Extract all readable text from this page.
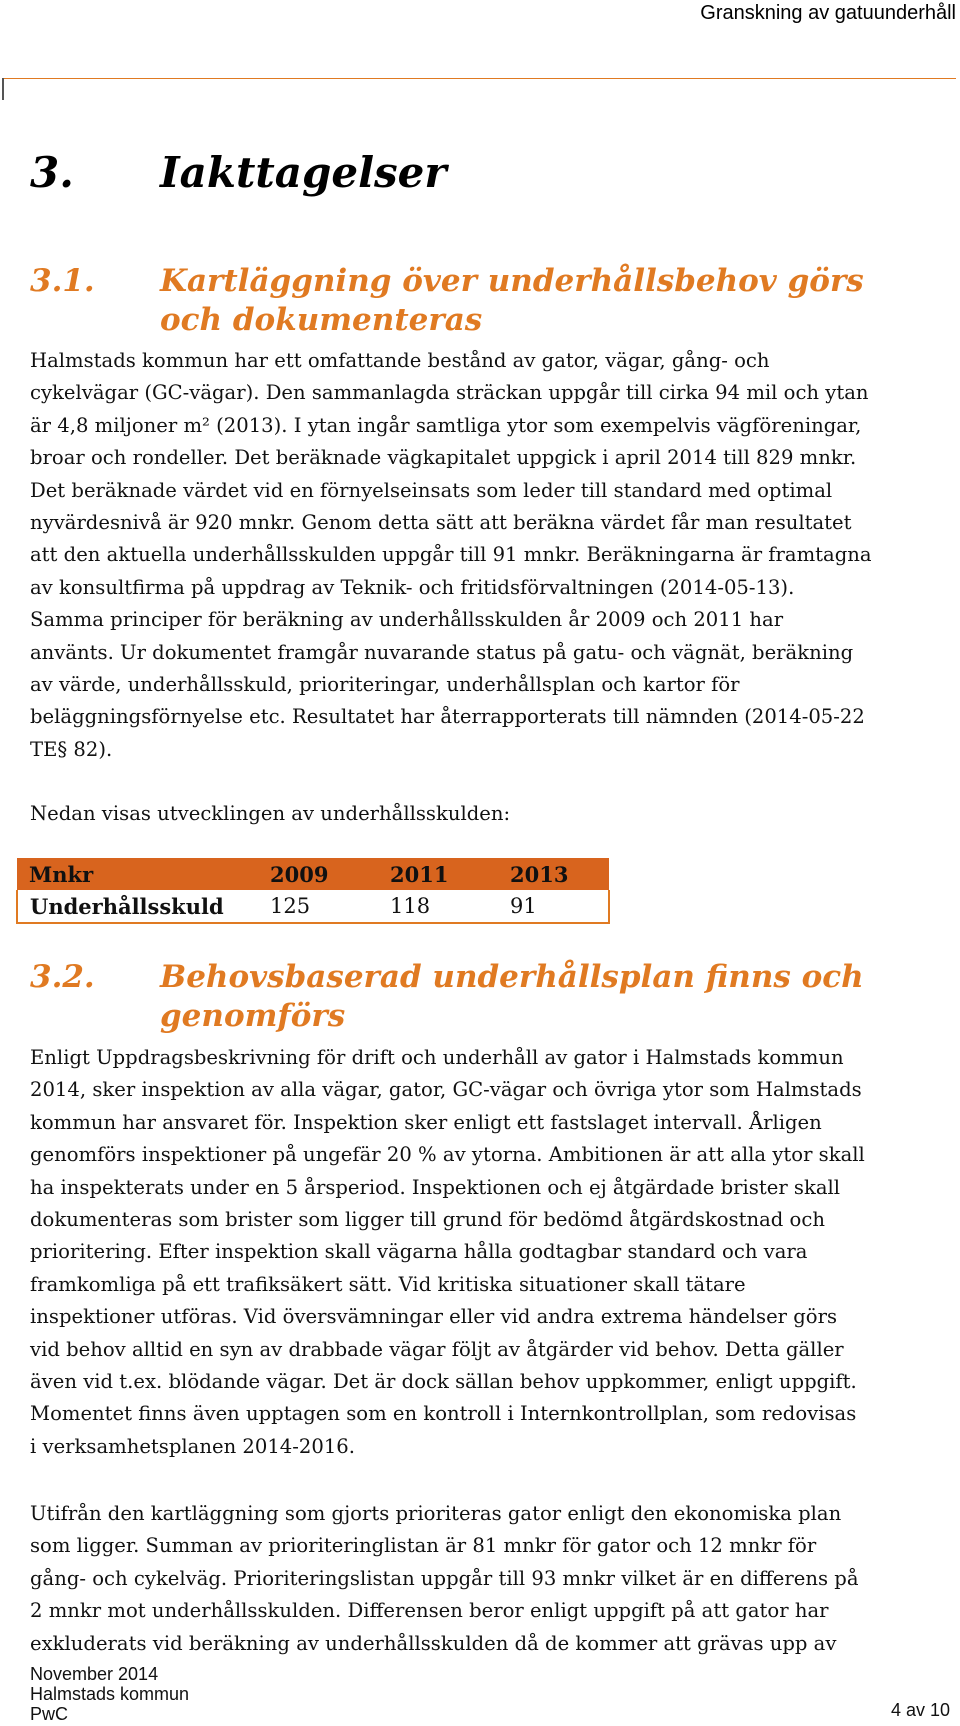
Granskning av gatuunderhåll
3. Iakttagelser
3.1. Kartläggning över underhållsbehov görs
och dokumenteras
Halmstads kommun har ett omfattande bestånd av gator, vägar, gång- och
cykelvägar (GC-vägar). Den sammanlagda sträckan uppgår till cirka 94 mil och ytan
är 4,8 miljoner m² (2013). I ytan ingår samtliga ytor som exempelvis vägföreningar,
broar och rondeller. Det beräknade vägkapitalet uppgick i april 2014 till 829 mnkr.
Det beräknade värdet vid en förnyelseinsats som leder till standard med optimal
nyvärdesnivå är 920 mnkr. Genom detta sätt att beräkna värdet får man resultatet
att den aktuella underhållsskulden uppgår till 91 mnkr. Beräkningarna är framtagna
av konsultfirma på uppdrag av Teknik- och fritidsförvaltningen (2014-05-13).
Samma principer för beräkning av underhållsskulden år 2009 och 2011 har
använts. Ur dokumentet framgår nuvarande status på gatu- och vägnät, beräkning
av värde, underhållsskuld, prioriteringar, underhållsplan och kartor för
beläggningsförnyelse etc. Resultatet har återrapporterats till nämnden (2014-05-22
TE§ 82).
Nedan visas utvecklingen av underhållsskulden:
Mnkr	2009	2011	2013
Underhållsskuld	125	118	91
3.2. Behovsbaserad underhållsplan finns och
genomförs
Enligt Uppdragsbeskrivning för drift och underhåll av gator i Halmstads kommun
2014, sker inspektion av alla vägar, gator, GC-vägar och övriga ytor som Halmstads
kommun har ansvaret för. Inspektion sker enligt ett fastslaget intervall. Årligen
genomförs inspektioner på ungefär 20 % av ytorna. Ambitionen är att alla ytor skall
ha inspekterats under en 5 årsperiod. Inspektionen och ej åtgärdade brister skall
dokumenteras som brister som ligger till grund för bedömd åtgärdskostnad och
prioritering. Efter inspektion skall vägarna hålla godtagbar standard och vara
framkomliga på ett trafiksäkert sätt. Vid kritiska situationer skall tätare
inspektioner utföras. Vid översvämningar eller vid andra extrema händelser görs
vid behov alltid en syn av drabbade vägar följt av åtgärder vid behov. Detta gäller
även vid t.ex. blödande vägar. Det är dock sällan behov uppkommer, enligt uppgift.
Momentet finns även upptagen som en kontroll i Internkontrollplan, som redovisas
i verksamhetsplanen 2014-2016.
Utifrån den kartläggning som gjorts prioriteras gator enligt den ekonomiska plan
som ligger. Summan av prioriteringlistan är 81 mnkr för gator och 12 mnkr för
gång- och cykelväg. Prioriteringslistan uppgår till 93 mnkr vilket är en differens på
2 mnkr mot underhållsskulden. Differensen beror enligt uppgift på att gator har
exkluderats vid beräkning av underhållsskulden då de kommer att grävas upp av
November 2014
Halmstads kommun
PwC	4 av 10
